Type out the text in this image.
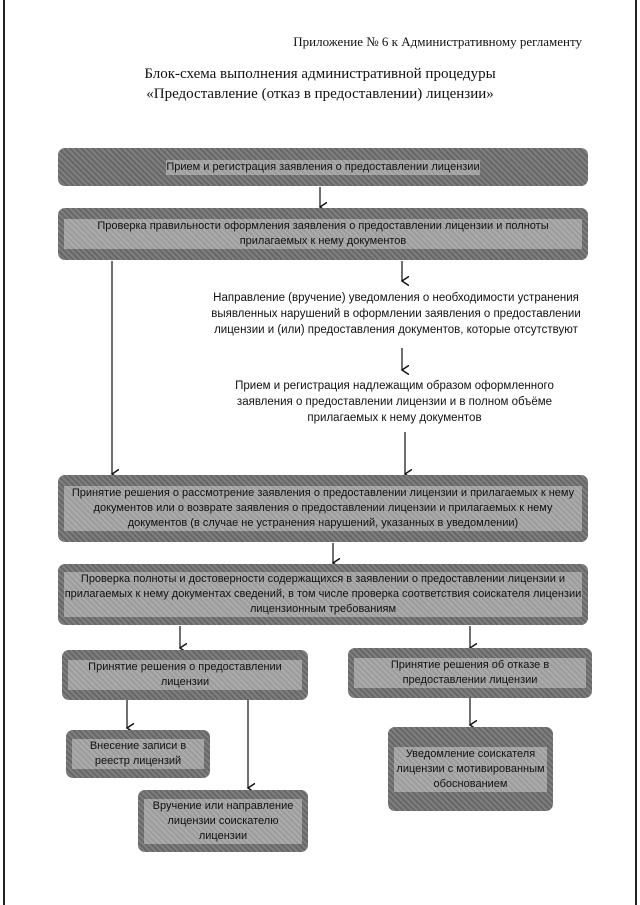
Приложение № 6 к Административному регламенту
Блок-схема выполнения административной процедуры
«Предоставление (отказ в предоставлении) лицензии»
Прием и регистрация заявления о предоставлении лицензии
Проверка правильности оформления заявления о предоставлении лицензии и полноты прилагаемых к нему документов
Направление (вручение) уведомления о необходимости устранения выявленных нарушений в оформлении заявления о предоставлении лицензии и (или) предоставления документов, которые отсутствуют
Прием и регистрация надлежащим образом оформленного заявления о предоставлении лицензии и в полном объёме прилагаемых к нему документов
Принятие решения о рассмотрение заявления о предоставлении лицензии и прилагаемых к нему документов или о возврате заявления о предоставлении лицензии и прилагаемых к нему документов (в случае не устранения нарушений, указанных в уведомлении)
Проверка полноты и достоверности содержащихся в заявлении о предоставлении лицензии и прилагаемых к нему документах сведений, в том числе проверка соответствия соискателя лицензии лицензионным требованиям
Принятие решения о предоставлении лицензии
Принятие решения об отказе в предоставлении лицензии
Внесение записи в реестр лицензий
Вручение или направление лицензии соискателю лицензии
Уведомление соискателя лицензии с мотивированным обоснованием
